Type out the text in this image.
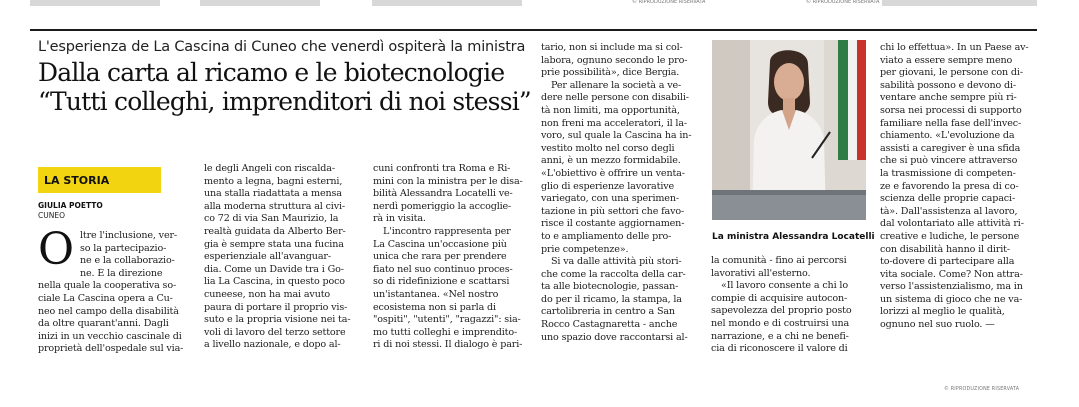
© RIPRODUZIONE RISERVATA	© RIPRODUZIONE RISERVATA
L'esperienza de La Cascina di Cuneo che venerdì ospiterà la ministra
Dalla carta al ricamo e le biotecnologie
“Tutti colleghi, imprenditori di noi stessi”
LA STORIA
GIULIA POETTO
CUNEO
O ltre l'inclusione, ver-
so la partecipazio-
ne e la collaborazio-
ne. È la direzione
nella quale la cooperativa so-
ciale La Cascina opera a Cu-
neo nel campo della disabilità
da oltre quarant'anni. Dagli
inizi in un vecchio cascinale di
proprietà dell'ospedale sul via-
le degli Angeli con riscalda-
mento a legna, bagni esterni,
una stalla riadattata a mensa
alla moderna struttura al civi-
co 72 di via San Maurizio, la
realtà guidata da Alberto Ber-
gia è sempre stata una fucina
esperienziale all'avanguar-
dia. Come un Davide tra i Go-
lia La Cascina, in questo poco
cuneese, non ha mai avuto
paura di portare il proprio vis-
suto e la propria visione nei ta-
voli di lavoro del terzo settore
a livello nazionale, e dopo al-
cuni confronti tra Roma e Ri-
mini con la ministra per le disa-
bilità Alessandra Locatelli ve-
nerdì pomeriggio la accoglie-
rà in visita.
L'incontro rappresenta per
La Cascina un'occasione più
unica che rara per prendere
fiato nel suo continuo proces-
so di ridefinizione e scattarsi
un'istantanea. «Nel nostro
ecosistema non si parla di
"ospiti", "utenti", "ragazzi": sia-
mo tutti colleghi e imprendito-
ri di noi stessi. Il dialogo è pari-
tario, non si include ma si col-
labora, ognuno secondo le pro-
prie possibilità», dice Bergia.
Per allenare la società a ve-
dere nelle persone con disabili-
tà non limiti, ma opportunità,
non freni ma acceleratori, il la-
voro, sul quale la Cascina ha in-
vestito molto nel corso degli
anni, è un mezzo formidabile.
«L'obiettivo è offrire un venta-
glio di esperienze lavorative
variegato, con una sperimen-
tazione in più settori che favo-
risce il costante aggiornamen-
to e ampliamento delle pro-
prie competenze».
Si va dalle attività più stori-
che come la raccolta della car-
ta alle biotecnologie, passan-
do per il ricamo, la stampa, la
cartolibreria in centro a San
Rocco Castagnaretta - anche
uno spazio dove raccontarsi al-
La ministra Alessandra Locatelli
la comunità - fino ai percorsi
lavorativi all'esterno.
«Il lavoro consente a chi lo
compie di acquisire autocon-
sapevolezza del proprio posto
nel mondo e di costruirsi una
narrazione, e a chi ne benefi-
cia di riconoscere il valore di
chi lo effettua». In un Paese av-
viato a essere sempre meno
per giovani, le persone con di-
sabilità possono e devono di-
ventare anche sempre più ri-
sorsa nei processi di supporto
familiare nella fase dell'invec-
chiamento. «L'evoluzione da
assisti a caregiver è una sfida
che si può vincere attraverso
la trasmissione di competen-
ze e favorendo la presa di co-
scienza delle proprie capaci-
tà». Dall'assistenza al lavoro,
dal volontariato alle attività ri-
creative e ludiche, le persone
con disabilità hanno il dirit-
to-dovere di partecipare alla
vita sociale. Come? Non attra-
verso l'assistenzialismo, ma in
un sistema di gioco che ne va-
lorizzi al meglio le qualità,
ognuno nel suo ruolo. —
© RIPRODUZIONE RISERVATA
